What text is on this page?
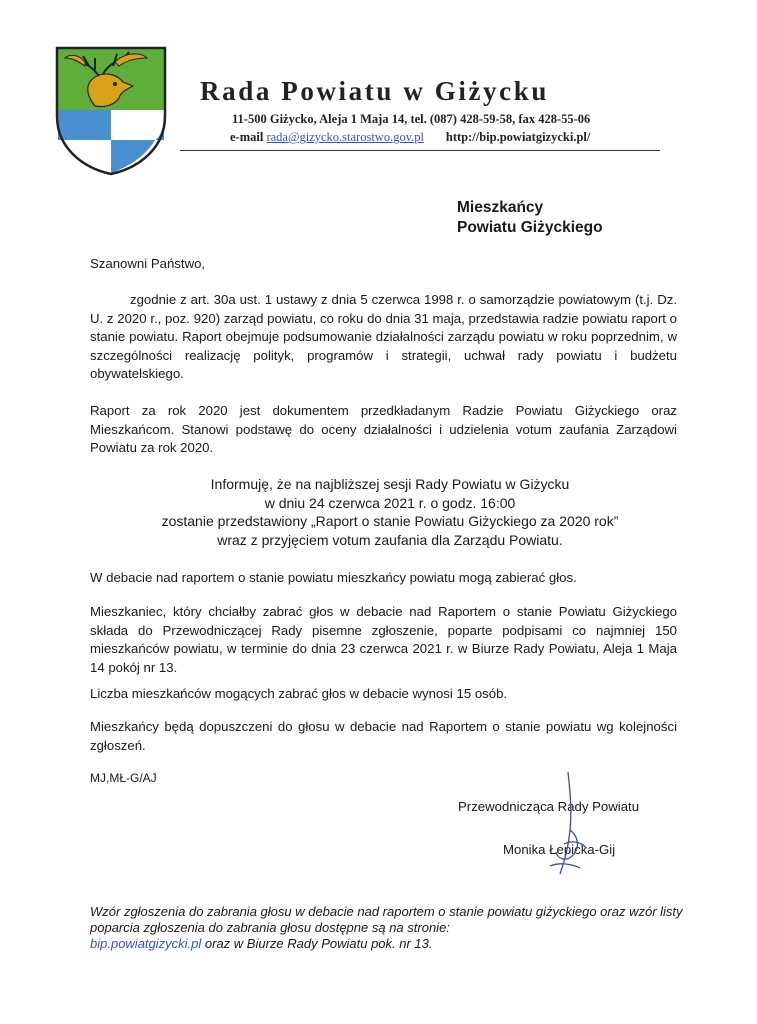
Rada Powiatu w Giżycku
11-500 Giżycko, Aleja 1 Maja 14, tel. (087) 428-59-58, fax 428-55-06
e-mail rada@gizycko.starostwo.gov.pl http://bip.powiatgizycki.pl/
Mieszkańcy
Powiatu Giżyckiego
Szanowni Państwo,
zgodnie z art. 30a ust. 1 ustawy z dnia 5 czerwca 1998 r. o samorządzie powiatowym (t.j. Dz. U. z 2020 r., poz. 920) zarząd powiatu, co roku do dnia 31 maja, przedstawia radzie powiatu raport o stanie powiatu. Raport obejmuje podsumowanie działalności zarządu powiatu w roku poprzednim, w szczególności realizację polityk, programów i strategii, uchwał rady powiatu i budżetu obywatelskiego.
Raport za rok 2020 jest dokumentem przedkładanym Radzie Powiatu Giżyckiego oraz Mieszkańcom. Stanowi podstawę do oceny działalności i udzielenia votum zaufania Zarządowi Powiatu za rok 2020.
Informuję, że na najbliższej sesji Rady Powiatu w Giżycku
w dniu 24 czerwca 2021 r. o godz. 16:00
zostanie przedstawiony „Raport o stanie Powiatu Giżyckiego za 2020 rok”
wraz z przyjęciem votum zaufania dla Zarządu Powiatu.
W debacie nad raportem o stanie powiatu mieszkańcy powiatu mogą zabierać głos.
Mieszkaniec, który chciałby zabrać głos w debacie nad Raportem o stanie Powiatu Giżyckiego składa do Przewodniczącej Rady pisemne zgłoszenie, poparte podpisami co najmniej 150 mieszkańców powiatu, w terminie do dnia 23 czerwca 2021 r. w Biurze Rady Powiatu, Aleja 1 Maja 14 pokój nr 13.
Liczba mieszkańców mogących zabrać głos w debacie wynosi 15 osób.
Mieszkańcy będą dopuszczeni do głosu w debacie nad Raportem o stanie powiatu wg kolejności zgłoszeń.
MJ,MŁ-G/AJ
Przewodnicząca Rady Powiatu
Monika Łepicka-Gij
Wzór zgłoszenia do zabrania głosu w debacie nad raportem o stanie powiatu giżyckiego oraz wzór listy poparcia zgłoszenia do zabrania głosu dostępne są na stronie:
bip.powiatgizycki.pl oraz w Biurze Rady Powiatu pok. nr 13.
